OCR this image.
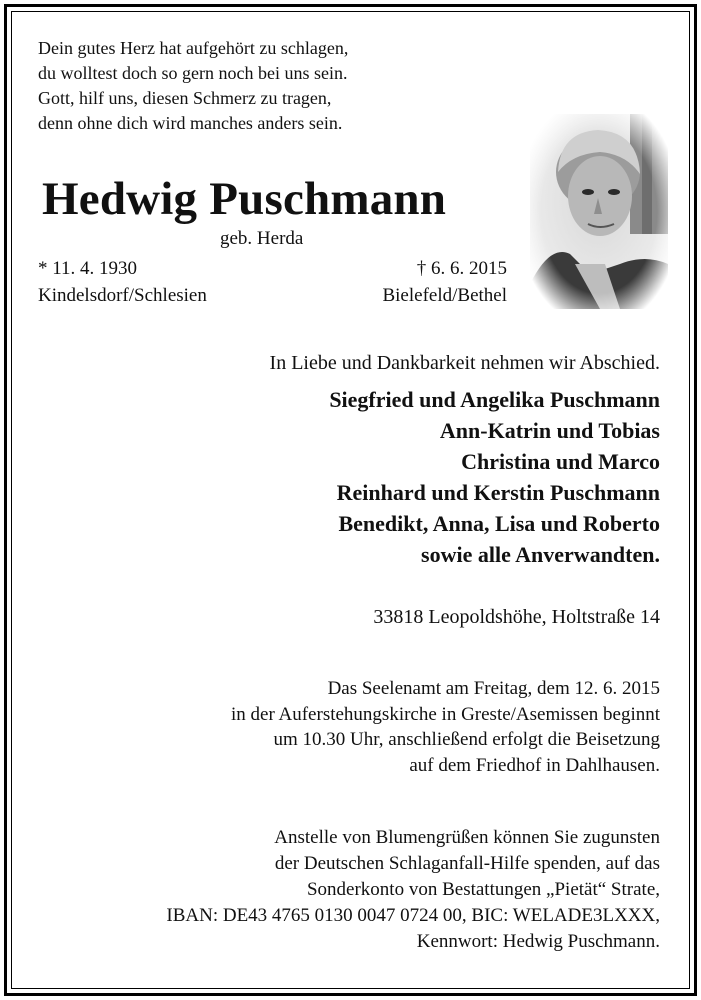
Dein gutes Herz hat aufgehört zu schlagen,
du wolltest doch so gern noch bei uns sein.
Gott, hilf uns, diesen Schmerz zu tragen,
denn ohne dich wird manches anders sein.
Hedwig Puschmann
geb. Herda
* 11. 4. 1930
Kindelsdorf/Schlesien
† 6. 6. 2015
Bielefeld/Bethel
In Liebe und Dankbarkeit nehmen wir Abschied.
Siegfried und Angelika Puschmann
Ann-Katrin und Tobias
Christina und Marco
Reinhard und Kerstin Puschmann
Benedikt, Anna, Lisa und Roberto
sowie alle Anverwandten.
33818 Leopoldshöhe, Holtstraße 14
Das Seelenamt am Freitag, dem 12. 6. 2015
in der Auferstehungskirche in Greste/Asemissen beginnt
um 10.30 Uhr, anschließend erfolgt die Beisetzung
auf dem Friedhof in Dahlhausen.
Anstelle von Blumengrüßen können Sie zugunsten
der Deutschen Schlaganfall-Hilfe spenden, auf das
Sonderkonto von Bestattungen „Pietät“ Strate,
IBAN: DE43 4765 0130 0047 0724 00, BIC: WELADE3LXXX,
Kennwort: Hedwig Puschmann.
